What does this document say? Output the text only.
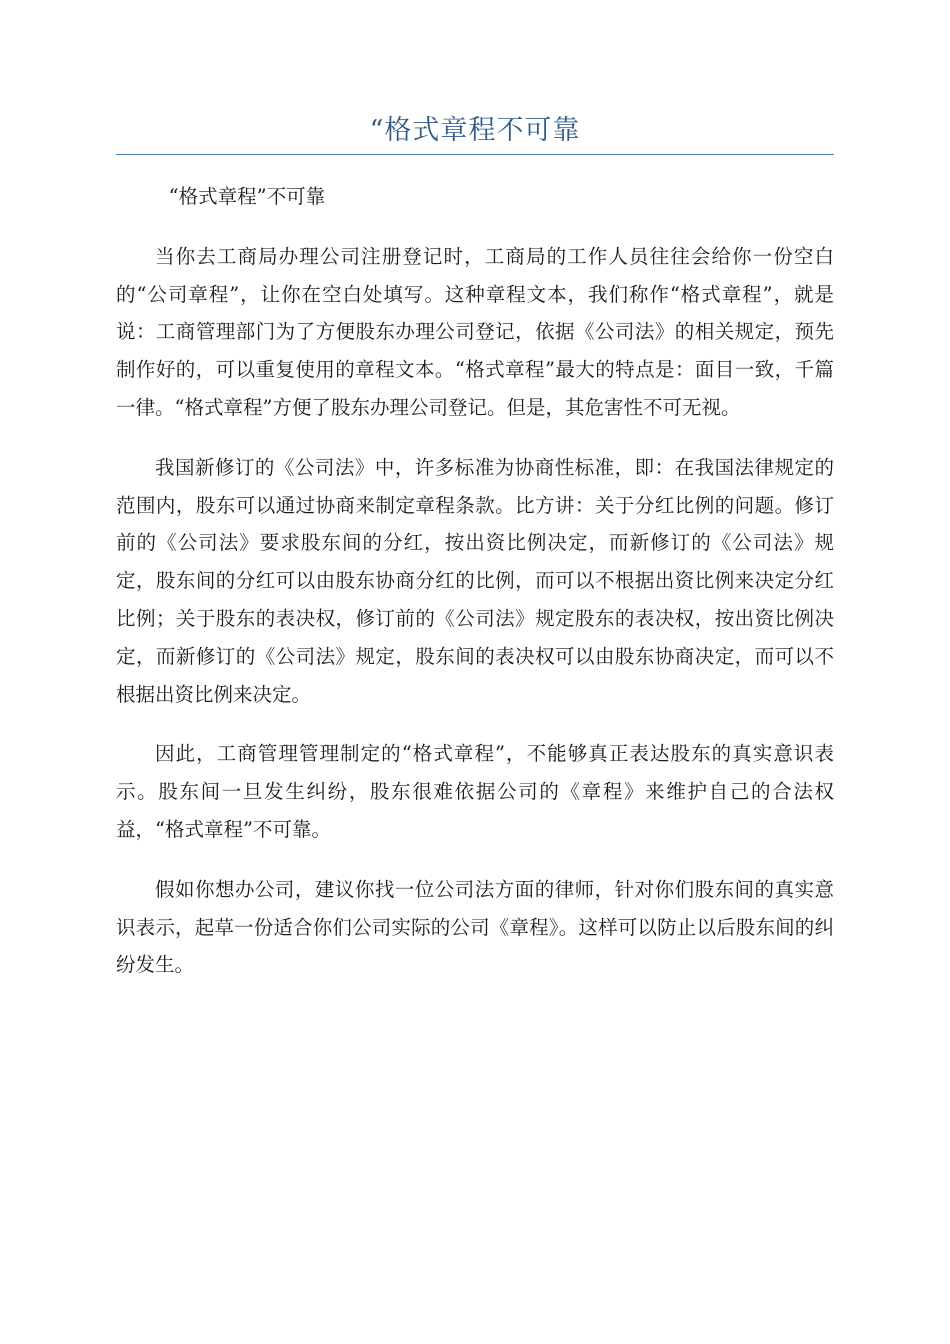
“格式章程不可靠

“格式章程”不可靠

当你去工商局办理公司注册登记时，工商局的工作人员往往会给你一份空白的“公司章程”，让你在空白处填写。这种章程文本，我们称作“格式章程”，就是说：工商管理部门为了方便股东办理公司登记，依据《公司法》的相关规定，预先制作好的，可以重复使用的章程文本。“格式章程”最大的特点是：面目一致，千篇一律。“格式章程”方便了股东办理公司登记。但是，其危害性不可无视。

我国新修订的《公司法》中，许多标准为协商性标准，即：在我国法律规定的范围内，股东可以通过协商来制定章程条款。比方讲：关于分红比例的问题。修订前的《公司法》要求股东间的分红，按出资比例决定，而新修订的《公司法》规定，股东间的分红可以由股东协商分红的比例，而可以不根据出资比例来决定分红比例；关于股东的表决权，修订前的《公司法》规定股东的表决权，按出资比例决定，而新修订的《公司法》规定，股东间的表决权可以由股东协商决定，而可以不根据出资比例来决定。

因此，工商管理管理制定的“格式章程”，不能够真正表达股东的真实意识表示。股东间一旦发生纠纷，股东很难依据公司的《章程》来维护自己的合法权益，“格式章程”不可靠。

假如你想办公司，建议你找一位公司法方面的律师，针对你们股东间的真实意识表示，起草一份适合你们公司实际的公司《章程》。这样可以防止以后股东间的纠纷发生。
